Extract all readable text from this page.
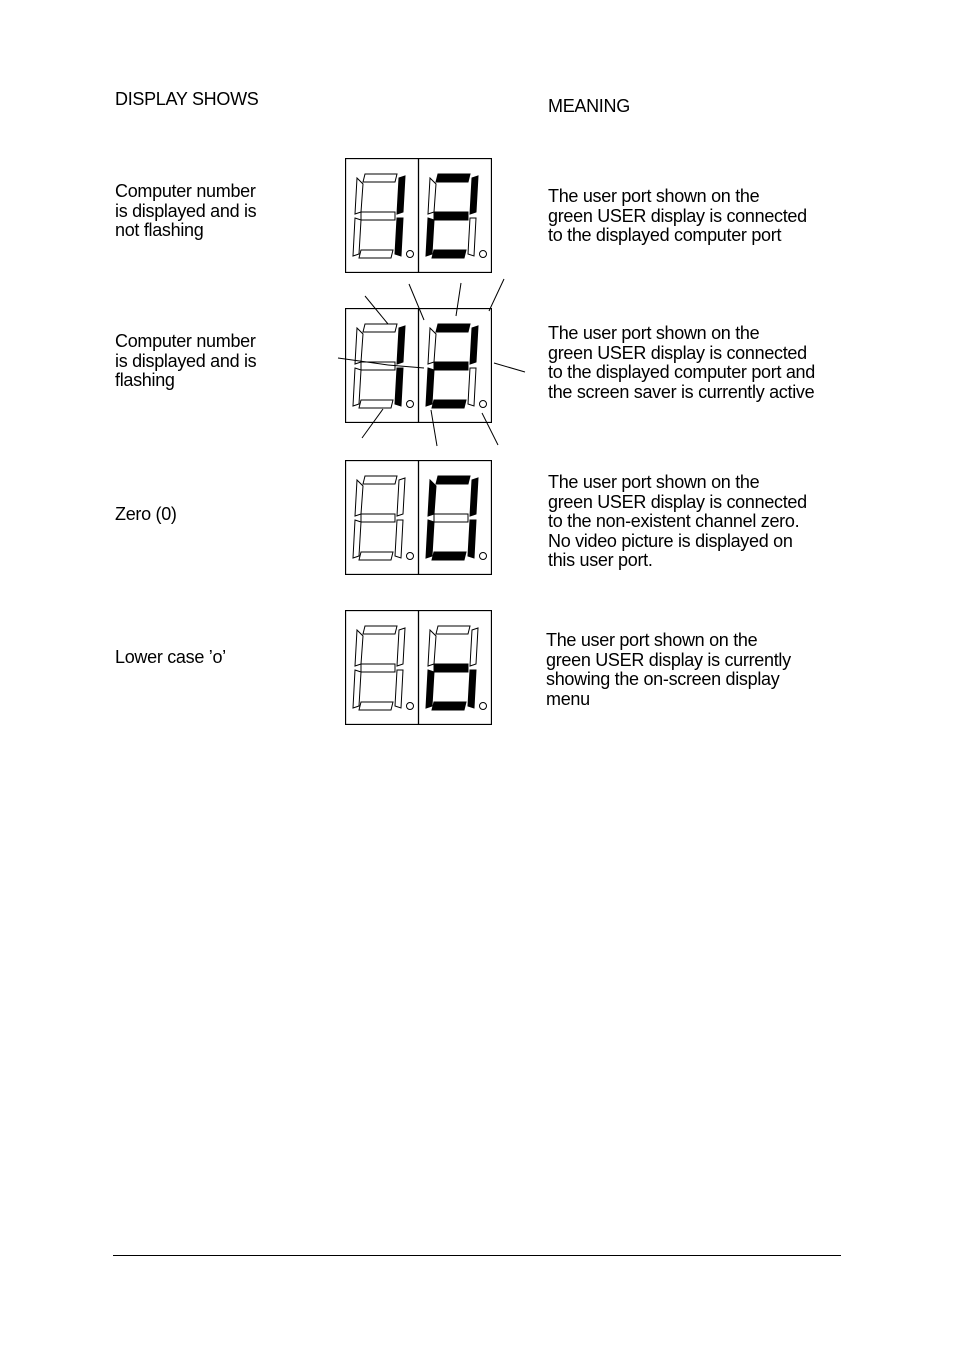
DISPLAY SHOWS	MEANING
Computer number
is displayed and is
not flashing
The user port shown on the
green USER display is connected
to the displayed computer port
Computer number
is displayed and is
flashing
The user port shown on the
green USER display is connected
to the displayed computer port and
the screen saver is currently active
Zero (0)
The user port shown on the
green USER display is connected
to the non-existent channel zero.
No video picture is displayed on
this user port.
Lower case ’o’
The user port shown on the
green USER display is currently
showing the on-screen display
menu
